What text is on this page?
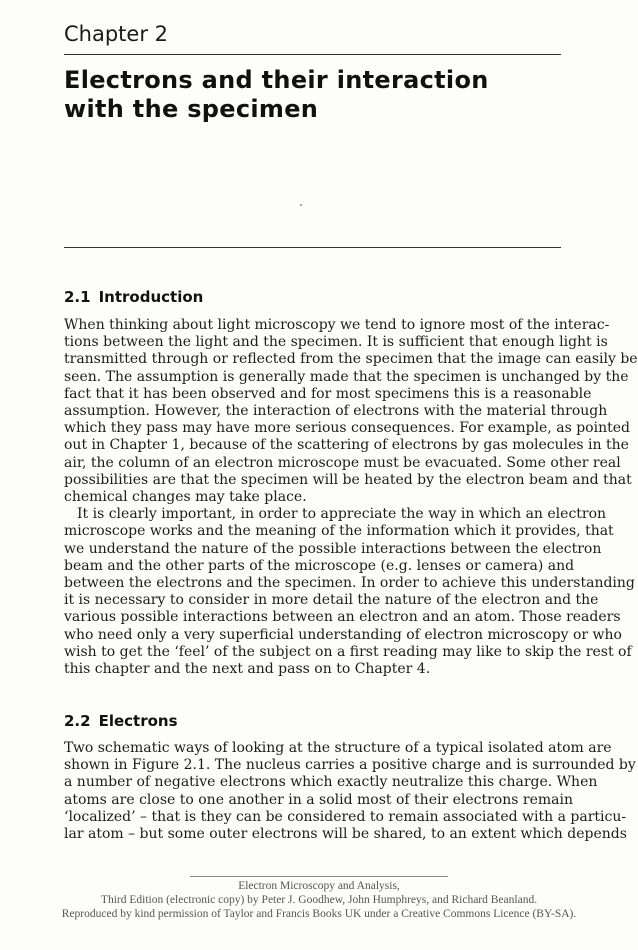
Chapter 2
Electrons and their interaction
with the specimen
2.1 Introduction
When thinking about light microscopy we tend to ignore most of the interac-
tions between the light and the specimen. It is sufficient that enough light is
transmitted through or reflected from the specimen that the image can easily be
seen. The assumption is generally made that the specimen is unchanged by the
fact that it has been observed and for most specimens this is a reasonable
assumption. However, the interaction of electrons with the material through
which they pass may have more serious consequences. For example, as pointed
out in Chapter 1, because of the scattering of electrons by gas molecules in the
air, the column of an electron microscope must be evacuated. Some other real
possibilities are that the specimen will be heated by the electron beam and that
chemical changes may take place.
It is clearly important, in order to appreciate the way in which an electron
microscope works and the meaning of the information which it provides, that
we understand the nature of the possible interactions between the electron
beam and the other parts of the microscope (e.g. lenses or camera) and
between the electrons and the specimen. In order to achieve this understanding
it is necessary to consider in more detail the nature of the electron and the
various possible interactions between an electron and an atom. Those readers
who need only a very superficial understanding of electron microscopy or who
wish to get the ‘feel’ of the subject on a first reading may like to skip the rest of
this chapter and the next and pass on to Chapter 4.
2.2 Electrons
Two schematic ways of looking at the structure of a typical isolated atom are
shown in Figure 2.1. The nucleus carries a positive charge and is surrounded by
a number of negative electrons which exactly neutralize this charge. When
atoms are close to one another in a solid most of their electrons remain
‘localized’ – that is they can be considered to remain associated with a particu-
lar atom – but some outer electrons will be shared, to an extent which depends
Electron Microscopy and Analysis,
Third Edition (electronic copy) by Peter J. Goodhew, John Humphreys, and Richard Beanland.
Reproduced by kind permission of Taylor and Francis Books UK under a Creative Commons Licence (BY-SA).
